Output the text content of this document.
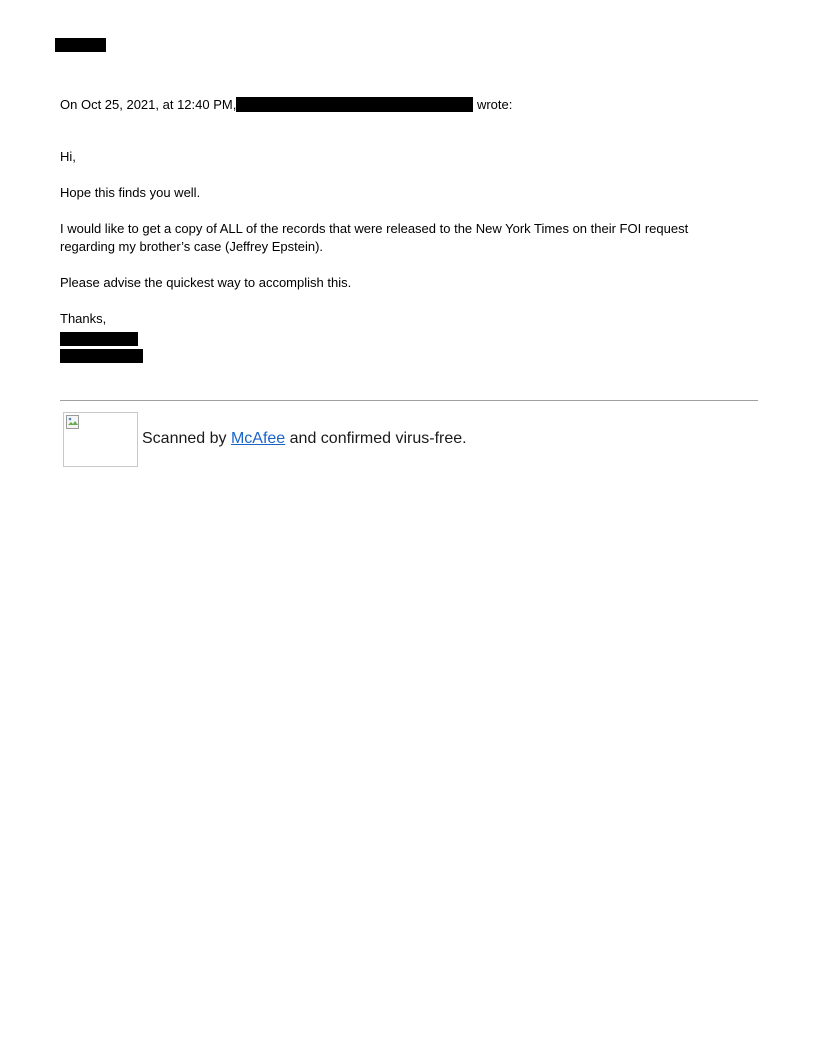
On Oct 25, 2021, at 12:40 PM,	wrote:
Hi,
Hope this finds you well.
I would like to get a copy of ALL of the records that were released to the New York Times on their FOI request
regarding my brother’s case (Jeffrey Epstein).
Please advise the quickest way to accomplish this.
Thanks,
Scanned by McAfee and confirmed virus-free.
